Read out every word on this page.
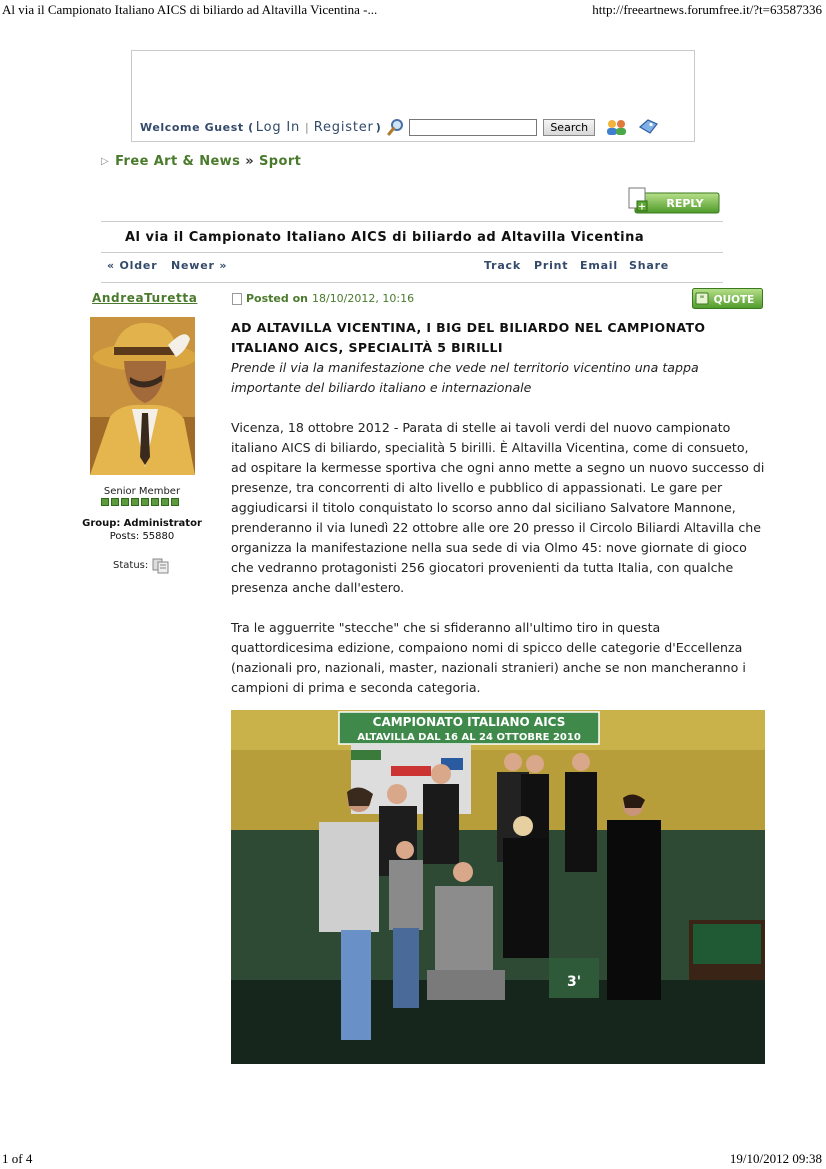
Al via il Campionato Italiano AICS di biliardo ad Altavilla Vicentina -...	http://freeartnews.forumfree.it/?t=63587336
Welcome Guest ( Log In | Register )	Search
▷ Free Art & News » Sport
+ REPLY
Al via il Campionato Italiano AICS di biliardo ad Altavilla Vicentina
« Older Newer »	Track Print Email Share
AndreaTuretta
Senior Member
Group: Administrator
Posts: 55880
Status:
Posted on 18/10/2012, 10:16	" QUOTE
AD ALTAVILLA VICENTINA, I BIG DEL BILIARDO NEL CAMPIONATO ITALIANO AICS, SPECIALITÀ 5 BIRILLI
Prende il via la manifestazione che vede nel territorio vicentino una tappa importante del biliardo italiano e internazionale

Vicenza, 18 ottobre 2012 - Parata di stelle ai tavoli verdi del nuovo campionato italiano AICS di biliardo, specialità 5 birilli. È Altavilla Vicentina, come di consueto, ad ospitare la kermesse sportiva che ogni anno mette a segno un nuovo successo di presenze, tra concorrenti di alto livello e pubblico di appassionati. Le gare per aggiudicarsi il titolo conquistato lo scorso anno dal siciliano Salvatore Mannone, prenderanno il via lunedì 22 ottobre alle ore 20 presso il Circolo Biliardi Altavilla che organizza la manifestazione nella sua sede di via Olmo 45: nove giornate di gioco che vedranno protagonisti 256 giocatori provenienti da tutta Italia, con qualche presenza anche dall'estero.

Tra le agguerrite "stecche" che si sfideranno all'ultimo tiro in questa quattordicesima edizione, compaiono nomi di spicco delle categorie d'Eccellenza (nazionali pro, nazionali, master, nazionali stranieri) anche se non mancheranno i campioni di prima e seconda categoria.

CAMPIONATO ITALIANO AICS
ALTAVILLA DAL 16 AL 24 OTTOBRE 2010
3'
1 of 4	19/10/2012 09:38
